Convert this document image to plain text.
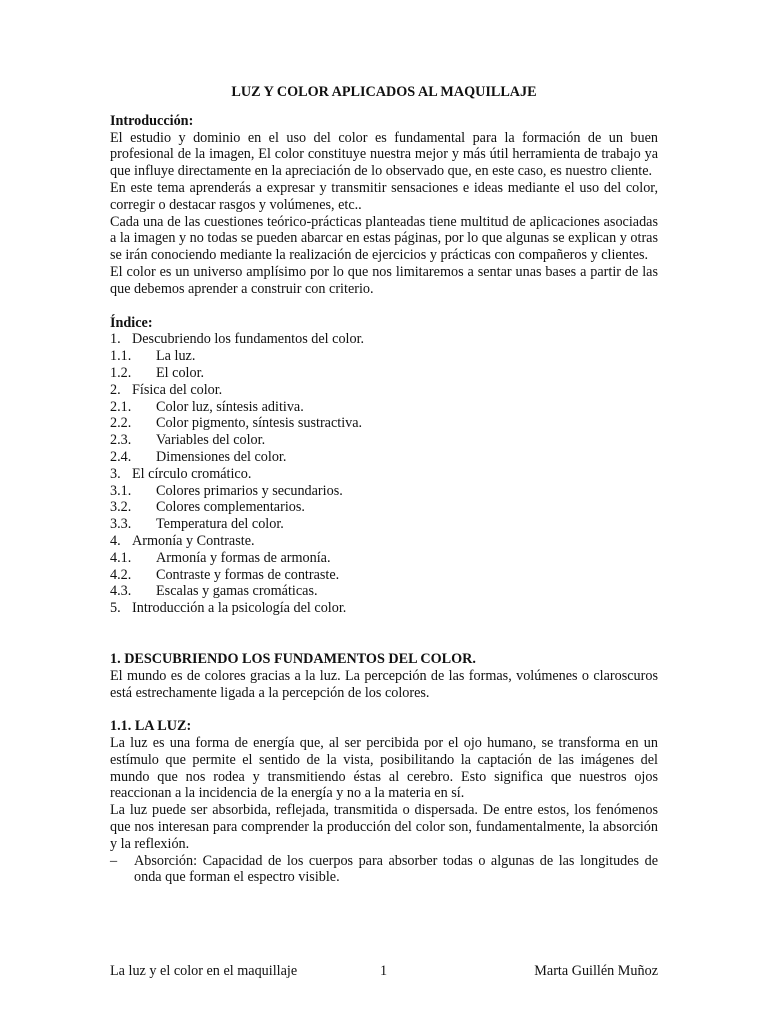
LUZ Y COLOR APLICADOS AL MAQUILLAJE
Introducción:
El estudio y dominio en el uso del color es fundamental para la formación de un buen profesional de la imagen, El color constituye nuestra mejor y más útil herramienta de trabajo ya que influye directamente en la apreciación de lo observado que, en este caso, es nuestro cliente.
En este tema aprenderás a expresar y transmitir sensaciones e ideas mediante el uso del color, corregir o destacar rasgos y volúmenes, etc..
Cada una de las cuestiones teórico-prácticas planteadas tiene multitud de aplicaciones asociadas a la imagen y no todas se pueden abarcar en estas páginas, por lo que algunas se explican y otras se irán conociendo mediante la realización de ejercicios y prácticas con compañeros y clientes.
El color es un universo amplísimo por lo que nos limitaremos a sentar unas bases a partir de las que debemos aprender a construir con criterio.
Índice:
1. Descubriendo los fundamentos del color.
1.1.	La luz.
1.2.	El color.
2. Física del color.
2.1.	Color luz, síntesis aditiva.
2.2.	Color pigmento, síntesis sustractiva.
2.3.	Variables del color.
2.4.	Dimensiones del color.
3. El círculo cromático.
3.1.	Colores primarios y secundarios.
3.2.	Colores complementarios.
3.3.	Temperatura del color.
4. Armonía y Contraste.
4.1.	Armonía y formas de armonía.
4.2.	Contraste y formas de contraste.
4.3.	Escalas y gamas cromáticas.
5. Introducción a la psicología del color.
1. DESCUBRIENDO LOS FUNDAMENTOS DEL COLOR.
El mundo es de colores gracias a la luz. La percepción de las formas, volúmenes o claroscuros está estrechamente ligada a la percepción de los colores.
1.1. LA LUZ:
La luz es una forma de energía que, al ser percibida por el ojo humano, se transforma en un estímulo que permite el sentido de la vista, posibilitando la captación de las imágenes del mundo que nos rodea y transmitiendo éstas al cerebro. Esto significa que nuestros ojos reaccionan a la incidencia de la energía y no a la materia en sí.
La luz puede ser absorbida, reflejada, transmitida o dispersada. De entre estos, los fenómenos que nos interesan para comprender la producción del color son, fundamentalmente, la absorción y la reflexión.
–	Absorción: Capacidad de los cuerpos para absorber todas o algunas de las longitudes de onda que forman el espectro visible.
La luz y el color en el maquillaje	1	Marta Guillén Muñoz
